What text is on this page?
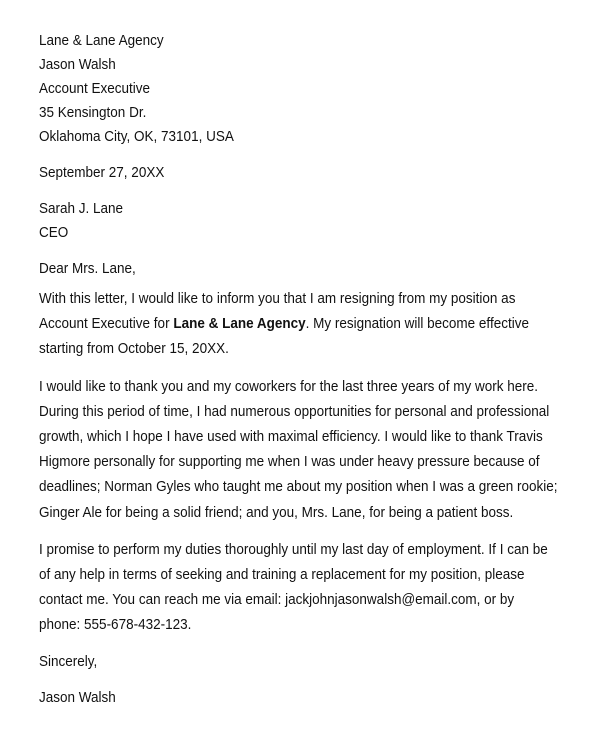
Lane & Lane Agency
Jason Walsh
Account Executive
35 Kensington Dr.
Oklahoma City, OK, 73101, USA
September 27, 20XX
Sarah J. Lane
CEO
Dear Mrs. Lane,
With this letter, I would like to inform you that I am resigning from my position as Account Executive for Lane & Lane Agency. My resignation will become effective starting from October 15, 20XX.
I would like to thank you and my coworkers for the last three years of my work here. During this period of time, I had numerous opportunities for personal and professional growth, which I hope I have used with maximal efficiency. I would like to thank Travis Higmore personally for supporting me when I was under heavy pressure because of deadlines; Norman Gyles who taught me about my position when I was a green rookie; Ginger Ale for being a solid friend; and you, Mrs. Lane, for being a patient boss.
I promise to perform my duties thoroughly until my last day of employment. If I can be of any help in terms of seeking and training a replacement for my position, please contact me. You can reach me via email: jackjohnjasonwalsh@email.com, or by phone: 555-678-432-123.
Sincerely,
Jason Walsh
